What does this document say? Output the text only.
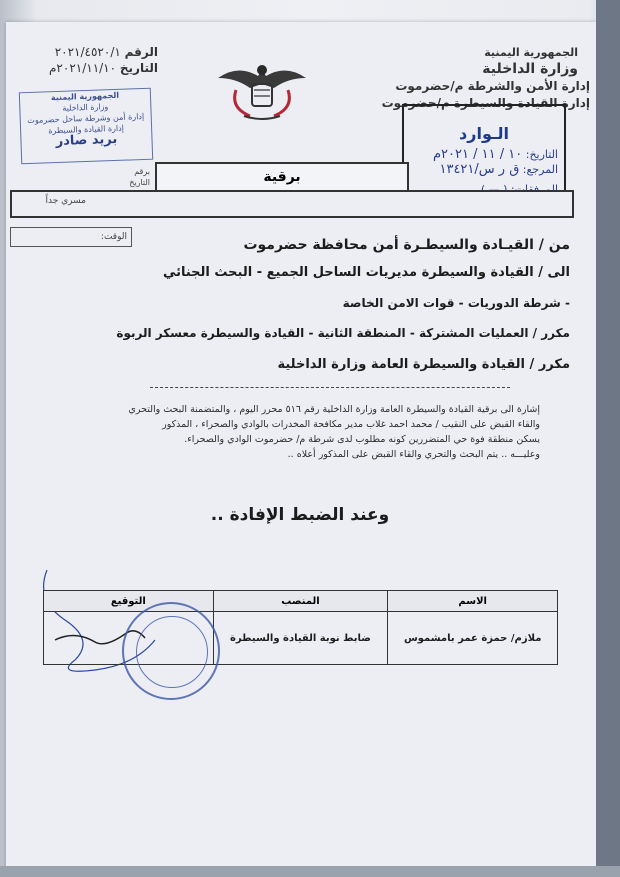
الجمهورية اليمنية
وزارة الداخلية
إدارة الأمن والشرطة م/حضرموت
إدارة القيادة والسيطرة م/حضرموت
الرقم ٢٠٢١/٤٥٢٠/١
التاريخ ٢٠٢١/١١/١٠م
الجمهورية اليمنية
وزارة الداخلية
إدارة أمن وشرطة ساحل حضرموت
إدارة القيادة والسيطرة
بريد صادر
برقم
التاريخ
الـوارد
التاريخ: ١٠ / ١١ / ٢٠٢١م
المرجع: ق ر س/١٣٤٢١
برقية
مسري جداً
الوقت:	من / القيـادة والسيطـرة أمن محافظة حضرموت
الى / القيادة والسيطرة مديريات الساحل الجميع - البحث الجنائي
- شرطة الدوريات - قوات الامن الخاصة
مكرر / العمليات المشتركة - المنطقة الثانية - القيادة والسيطرة معسكر الربوة
مكرر / القيادة والسيطرة العامة وزارة الداخلية
إشارة الى برقية القيادة والسيطرة العامة وزارة الداخلية رقم ٥١٦ محرر اليوم ، والمتضمنة البحث والتحري
والقاء القبض على النقيب / محمد احمد غلاب مدير مكافحة المخدرات بالوادي والصحراء ، المذكور
يسكن منطقة فوة حي المتضررين كونه مطلوب لدى شرطة م/ حضرموت الوادي والصحراء.
وعليـــه .. يتم البحث والتحري والقاء القبض على المذكور أعلاه ..
وعند الضبط الإفادة ..
الاسم	المنصب	التوقيع
ملازم/ حمزة عمر بامشموس	ضابط نوبة القيادة والسيطرة	
